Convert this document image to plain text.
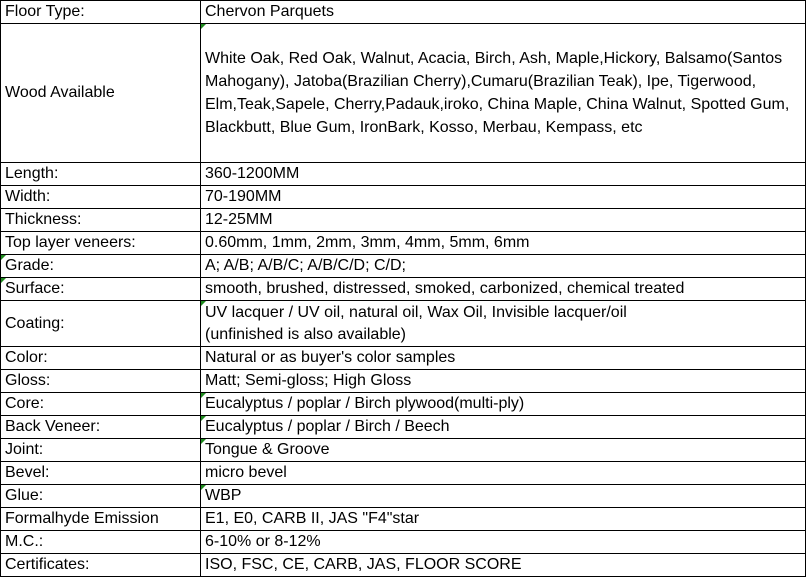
Floor Type:	Chervon Parquets
Wood Available	White Oak, Red Oak, Walnut, Acacia, Birch, Ash, Maple,Hickory, Balsamo(Santos Mahogany), Jatoba(Brazilian Cherry),Cumaru(Brazilian Teak), Ipe, Tigerwood, Elm,Teak,Sapele, Cherry,Padauk,iroko, China Maple, China Walnut, Spotted Gum, Blackbutt, Blue Gum, IronBark, Kosso, Merbau, Kempass, etc

Length:	360-1200MM
Width:	70-190MM
Thickness:	12-25MM
Top layer veneers:	0.60mm, 1mm, 2mm, 3mm, 4mm, 5mm, 6mm

Grade:	A; A/B; A/B/C; A/B/C/D; C/D;

Surface:	smooth, brushed, distressed, smoked, carbonized, chemical treated
Coating:	UV lacquer / UV oil, natural oil, Wax Oil, Invisible lacquer/oil
(unfinished is also available)
Color:	Natural or as buyer's color samples
Gloss:	Matt; Semi-gloss; High Gloss
Core:	Eucalyptus / poplar / Birch plywood(multi-ply)
Back Veneer:	Eucalyptus / poplar / Birch / Beech
Joint:	Tongue & Groove
Bevel:	micro bevel
Glue:	WBP
Formalhyde Emission	E1, E0, CARB II, JAS "F4"star
M.C.:	6-10% or 8-12%
Certificates:	ISO, FSC, CE, CARB, JAS, FLOOR SCORE
